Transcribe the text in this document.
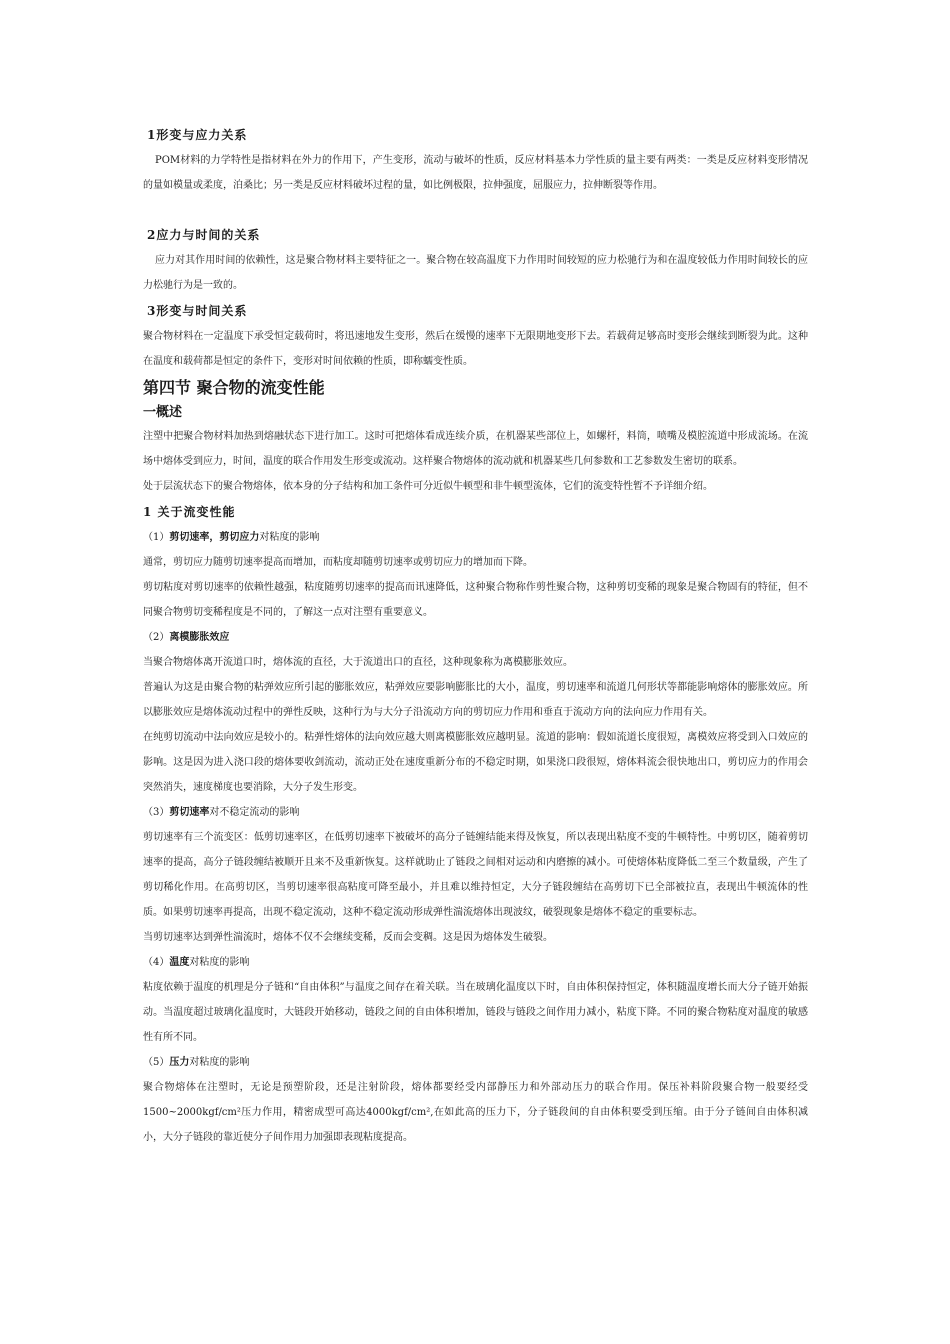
1形变与应力关系

POM材料的力学特性是指材料在外力的作用下，产生变形，流动与破坏的性质，反应材料基本力学性质的量主要有两类：一类是反应材料变形情况的量如模量或柔度，泊桑比；另一类是反应材料破坏过程的量，如比例极限，拉伸强度，屈服应力，拉伸断裂等作用。

2应力与时间的关系

应力对其作用时间的依赖性，这是聚合物材料主要特征之一。聚合物在较高温度下力作用时间较短的应力松驰行为和在温度较低力作用时间较长的应力松驰行为是一致的。

3形变与时间关系

聚合物材料在一定温度下承受恒定载荷时，将迅速地发生变形，然后在缓慢的速率下无限期地变形下去。若载荷足够高时变形会继续到断裂为此。这种在温度和载荷都是恒定的条件下，变形对时间依赖的性质，即称蠕变性质。

第四节 聚合物的流变性能

一概述

注塑中把聚合物材料加热到熔融状态下进行加工。这时可把熔体看成连续介质，在机器某些部位上，如螺杆，料筒，喷嘴及模腔流道中形成流场。在流场中熔体受到应力，时间，温度的联合作用发生形变或流动。这样聚合物熔体的流动就和机器某些几何参数和工艺参数发生密切的联系。

处于层流状态下的聚合物熔体，依本身的分子结构和加工条件可分近似牛顿型和非牛顿型流体，它们的流变特性暂不予详细介绍。

1 关于流变性能

（1）剪切速率，剪切应力对粘度的影响

通常，剪切应力随剪切速率提高而增加，而粘度却随剪切速率或剪切应力的增加而下降。

剪切粘度对剪切速率的依赖性越强，粘度随剪切速率的提高而讯速降低，这种聚合物称作剪性聚合物，这种剪切变稀的现象是聚合物固有的特征，但不同聚合物剪切变稀程度是不同的，了解这一点对注塑有重要意义。

（2）离模膨胀效应

当聚合物熔体离开流道口时，熔体流的直径，大于流道出口的直径，这种现象称为离模膨胀效应。

普遍认为这是由聚合物的粘弹效应所引起的膨胀效应，粘弹效应要影响膨胀比的大小，温度，剪切速率和流道几何形状等都能影响熔体的膨胀效应。所以膨胀效应是熔体流动过程中的弹性反映，这种行为与大分子沿流动方向的剪切应力作用和垂直于流动方向的法向应力作用有关。

在纯剪切流动中法向效应是较小的。粘弹性熔体的法向效应越大则离模膨胀效应越明显。流道的影响：假如流道长度很短，离模效应将受到入口效应的影响。这是因为进入浇口段的熔体要收剑流动，流动正处在速度重新分布的不稳定时期，如果浇口段很短，熔体料流会很快地出口，剪切应力的作用会突然消失，速度梯度也要消除，大分子发生形变。

（3）剪切速率对不稳定流动的影响

剪切速率有三个流变区：低剪切速率区，在低剪切速率下被破坏的高分子链缠结能来得及恢复，所以表现出粘度不变的牛顿特性。中剪切区，随着剪切速率的提高，高分子链段缠结被顺开且来不及重新恢复。这样就助止了链段之间相对运动和内磨擦的减小。可使熔体粘度降低二至三个数量级，产生了剪切稀化作用。在高剪切区，当剪切速率很高粘度可降至最小，并且难以维持恒定，大分子链段缠结在高剪切下已全部被拉直，表现出牛顿流体的性质。如果剪切速率再提高，出现不稳定流动，这种不稳定流动形成弹性湍流熔体出现波纹，破裂现象是熔体不稳定的重要标志。

当剪切速率达到弹性湍流时，熔体不仅不会继续变稀，反而会变稠。这是因为熔体发生破裂。

（4）温度对粘度的影响

粘度依赖于温度的机理是分子链和“自由体积”与温度之间存在着关联。当在玻璃化温度以下时，自由体积保持恒定，体积随温度增长而大分子链开始振动。当温度超过玻璃化温度时，大链段开始移动，链段之间的自由体积增加，链段与链段之间作用力减小，粘度下降。不同的聚合物粘度对温度的敏感性有所不同。

（5）压力对粘度的影响

聚合物熔体在注塑时，无论是预塑阶段，还是注射阶段，熔体都要经受内部静压力和外部动压力的联合作用。保压补料阶段聚合物一般要经受1500~2000kgf/cm²压力作用，精密成型可高达4000kgf/cm²,在如此高的压力下，分子链段间的自由体积要受到压缩。由于分子链间自由体积减小，大分子链段的靠近使分子间作用力加强即表现粘度提高。
